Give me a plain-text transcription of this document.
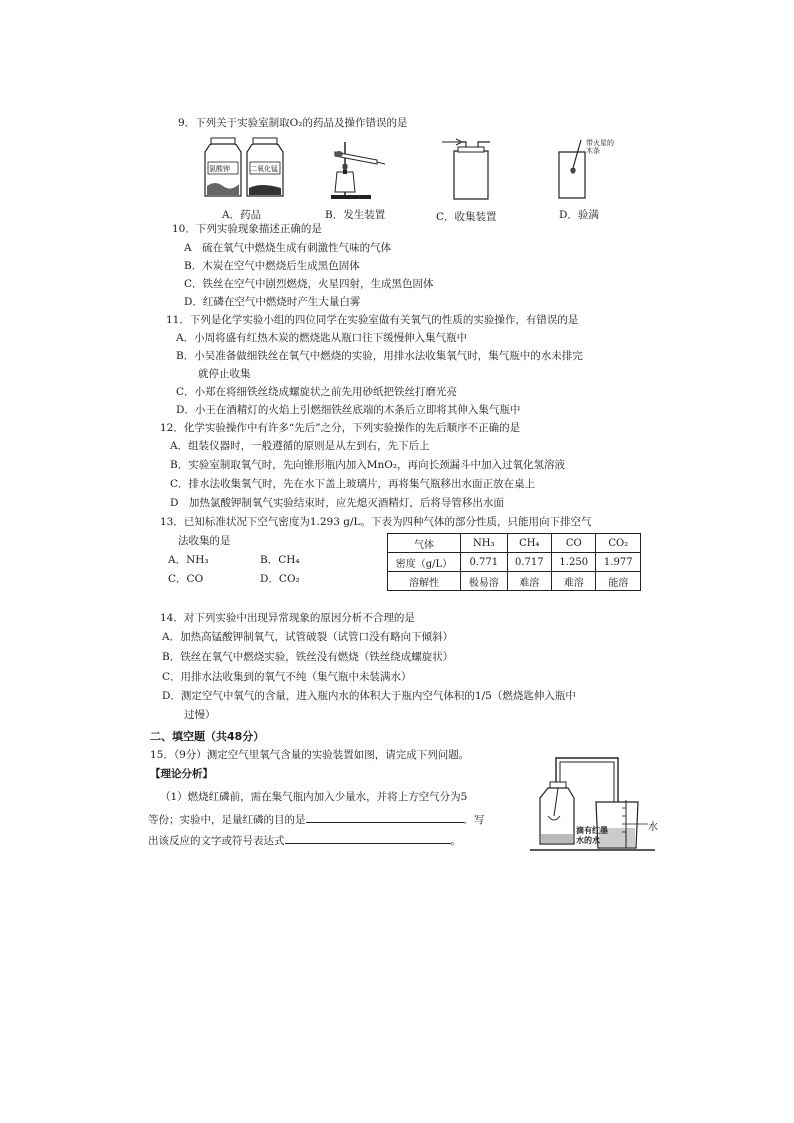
9．下列关于实验室制取O₂的药品及操作错误的是
氯酸钾	二氧化锰
带火星的木条
A．药品	B．发生装置	C．收集装置	D．验满
10．下列实验现象描述正确的是
A　硫在氧气中燃烧生成有刺激性气味的气体
B．木炭在空气中燃烧后生成黑色固体
C．铁丝在空气中剧烈燃烧，火星四射，生成黑色固体
D．红磷在空气中燃烧时产生大量白雾
11．下列是化学实验小组的四位同学在实验室做有关氧气的性质的实验操作，有错误的是
A．小周将盛有红热木炭的燃烧匙从瓶口往下缓慢伸入集气瓶中
B．小吴准备做细铁丝在氧气中燃烧的实验，用排水法收集氧气时，集气瓶中的水未排完
就停止收集
C．小郑在将细铁丝绕成螺旋状之前先用砂纸把铁丝打磨光亮
D．小王在酒精灯的火焰上引燃细铁丝底端的木条后立即将其伸入集气瓶中
12．化学实验操作中有许多“先后”之分，下列实验操作的先后顺序不正确的是
A．组装仪器时，一般遵循的原则是从左到右，先下后上
B．实验室制取氧气时，先向锥形瓶内加入MnO₂，再向长颈漏斗中加入过氧化氢溶液
C．排水法收集氧气时，先在水下盖上玻璃片，再将集气瓶移出水面正放在桌上
D　加热氯酸钾制氧气实验结束时，应先熄灭酒精灯，后将导管移出水面
13．已知标准状况下空气密度为1.293 g/L。下表为四种气体的部分性质，只能用向下排空气
法收集的是
A．NH₃	B．CH₄
C．CO	D．CO₂
气体	NH₃	CH₄	CO	CO₂
密度（g/L）	0.771	0.717	1.250	1.977
溶解性	极易溶	难溶	难溶	能溶
14．对下列实验中出现异常现象的原因分析不合理的是
A．加热高锰酸钾制氧气，试管破裂（试管口没有略向下倾斜）
B．铁丝在氧气中燃烧实验，铁丝没有燃烧（铁丝绕成螺旋状）
C．用排水法收集到的氧气不纯（集气瓶中未装满水）
D．测定空气中氧气的含量，进入瓶内水的体积大于瓶内空气体积的1/5（燃烧匙伸入瓶中
过慢）
二、填空题（共48分）
15．（9分）测定空气里氧气含量的实验装置如图，请完成下列问题。
【理论分析】
（1）燃烧红磷前，需在集气瓶内加入少量水，并将上方空气分为5
等份；实验中，足量红磷的目的是	．写
出该反应的文字或符号表达式	。
水
滴有红墨水的水
